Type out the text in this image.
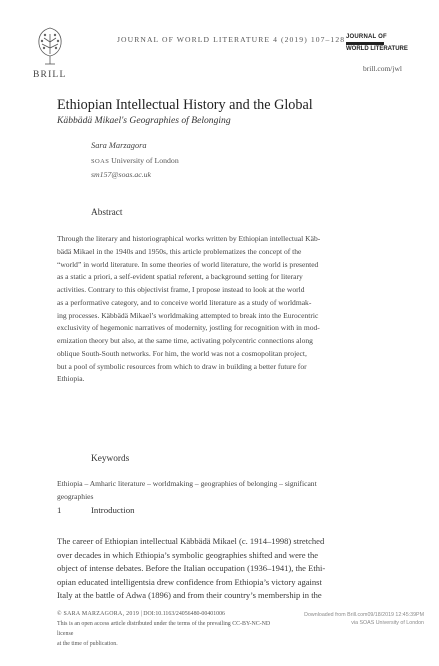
BRILL
JOURNAL OF WORLD LITERATURE 4 (2019) 107–128 JOURNAL OF
WORLD LITERATURE
brill.com/jwl
Ethiopian Intellectual History and the Global
Käbbädä Mikael's Geographies of Belonging
Sara Marzagora
SOAS University of London
sm157@soas.ac.uk
Abstract

Through the literary and historiographical works written by Ethiopian intellectual Käb-

bädä Mikael in the 1940s and 1950s, this article problematizes the concept of the

“world” in world literature. In some theories of world literature, the world is presented

as a static a priori, a self-evident spatial referent, a background setting for literary

activities. Contrary to this objectivist frame, I propose instead to look at the world

as a performative category, and to conceive world literature as a study of worldmak-

ing processes. Käbbädä Mikael’s worldmaking attempted to break into the Eurocentric

exclusivity of hegemonic narratives of modernity, jostling for recognition with in mod-

ernization theory but also, at the same time, activating polycentric connections along

oblique South-South networks. For him, the world was not a cosmopolitan project,

but a pool of symbolic resources from which to draw in building a better future for

Ethiopia.

Keywords
Ethiopia – Amharic literature – worldmaking – geographies of belonging – significant
geographies
1	Introduction

The career of Ethiopian intellectual Käbbädä Mikael (c. 1914–1998) stretched

over decades in which Ethiopia’s symbolic geographies shifted and were the

object of intense debates. Before the Italian occupation (1936–1941), the Ethi-

opian educated intelligentsia drew confidence from Ethiopia’s victory against

Italy at the battle of Adwa (1896) and from their country’s membership in the

© SARA MARZAGORA, 2019 | DOI:10.1163/24056480-00401006
This is an open access article distributed under the terms of the prevailing CC-BY-NC-ND license
at the time of publication.
Downloaded from Brill.com09/18/2019 12:45:39PM
via SOAS University of London
